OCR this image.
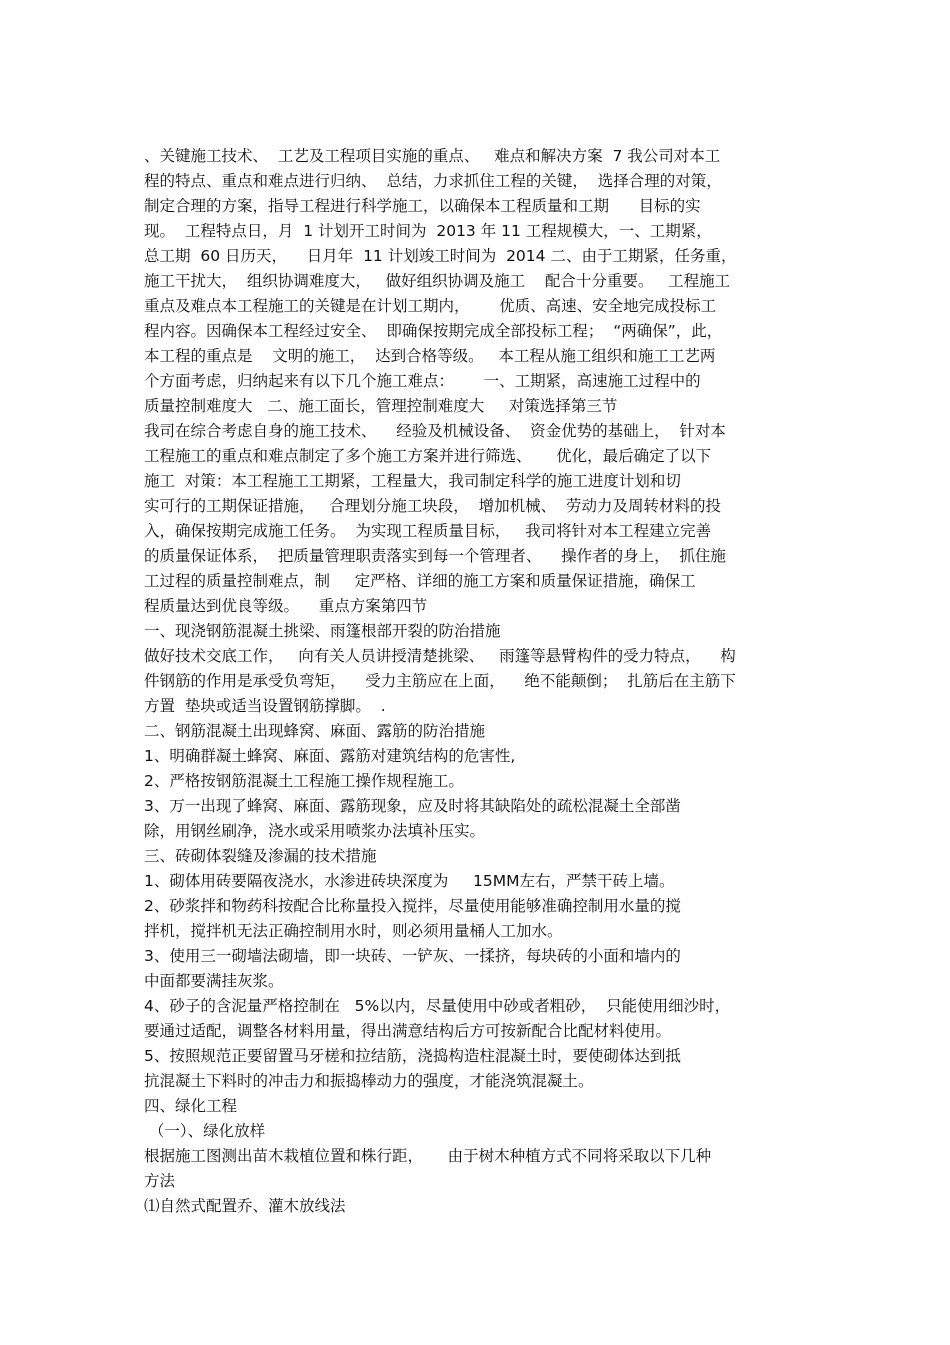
、关键施工技术、  工艺及工程项目实施的重点、   难点和解决方案  7 我公司对本工

程的特点、重点和难点进行归纳、  总结，力求抓住工程的关键，  选择合理的对策，

制定合理的方案，指导工程进行科学施工，以确保本工程质量和工期      目标的实

现。  工程特点日，月  1 计划开工时间为  2013 年 11 工程规模大，一、工期紧，

总工期  60 日历天，    日月年  11 计划竣工时间为  2014 二、由于工期紧，任务重，

施工干扰大，  组织协调难度大，   做好组织协调及施工    配合十分重要。   工程施工

重点及难点本工程施工的关键是在计划工期内，      优质、高速、安全地完成投标工

程内容。因确保本工程经过安全、  即确保按期完成全部投标工程；  “两确保”，此，

本工程的重点是    文明的施工，  达到合格等级。   本工程从施工组织和施工工艺两

个方面考虑，归纳起来有以下几个施工难点：      一、工期紧，高速施工过程中的

质量控制难度大   二、施工面长，管理控制难度大     对策选择第三节

我司在综合考虑自身的施工技术、    经验及机械设备、  资金优势的基础上，  针对本

工程施工的重点和难点制定了多个施工方案并进行筛选、     优化，最后确定了以下

施工  对策：本工程施工工期紧，工程量大，我司制定科学的施工进度计划和切

实可行的工期保证措施，   合理划分施工块段，  增加机械、  劳动力及周转材料的投

入，确保按期完成施工任务。  为实现工程质量目标，   我司将针对本工程建立完善

的质量保证体系，  把质量管理职责落实到每一个管理者、    操作者的身上，  抓住施

工过程的质量控制难点，制     定严格、详细的施工方案和质量保证措施，确保工

程质量达到优良等级。    重点方案第四节

一、现浇钢筋混凝土挑梁、雨篷根部开裂的防治措施

做好技术交底工作，   向有关人员讲授清楚挑梁、   雨篷等悬臂构件的受力特点，    构

件钢筋的作用是承受负弯矩，    受力主筋应在上面，    绝不能颠倒；  扎筋后在主筋下

方置  垫块或适当设置钢筋撑脚。  .

二、钢筋混凝土出现蜂窝、麻面、露筋的防治措施

1、明确群凝土蜂窝、麻面、露筋对建筑结构的危害性,

2、严格按钢筋混凝土工程施工操作规程施工。

3、万一出现了蜂窝、麻面、露筋现象，应及时将其缺陷处的疏松混凝土全部凿

除，用钢丝刷净，浇水或采用喷浆办法填补压实。

三、砖砌体裂缝及渗漏的技术措施

1、砌体用砖要隔夜浇水，水渗进砖块深度为     15MM左右，严禁干砖上墙。

2、砂浆拌和物药科按配合比称量投入搅拌，尽量使用能够准确控制用水量的搅

拌机，搅拌机无法正确控制用水时，则必须用量桶人工加水。

3、使用三一砌墙法砌墙，即一块砖、一铲灰、一揉挤，每块砖的小面和墙内的

中面都要满挂灰浆。

4、砂子的含泥量严格控制在   5%以内，尽量使用中砂或者粗砂，  只能使用细沙时，

要通过适配，调整各材料用量，得出满意结构后方可按新配合比配材料使用。

5、按照规范正要留置马牙槎和拉结筋，浇捣构造柱混凝土时，要使砌体达到抵

抗混凝土下料时的冲击力和振捣棒动力的强度，才能浇筑混凝土。

四、绿化工程

（一）、绿化放样

根据施工图测出苗木栽植位置和株行距，     由于树木种植方式不同将采取以下几种

方法

⑴自然式配置乔、灌木放线法
